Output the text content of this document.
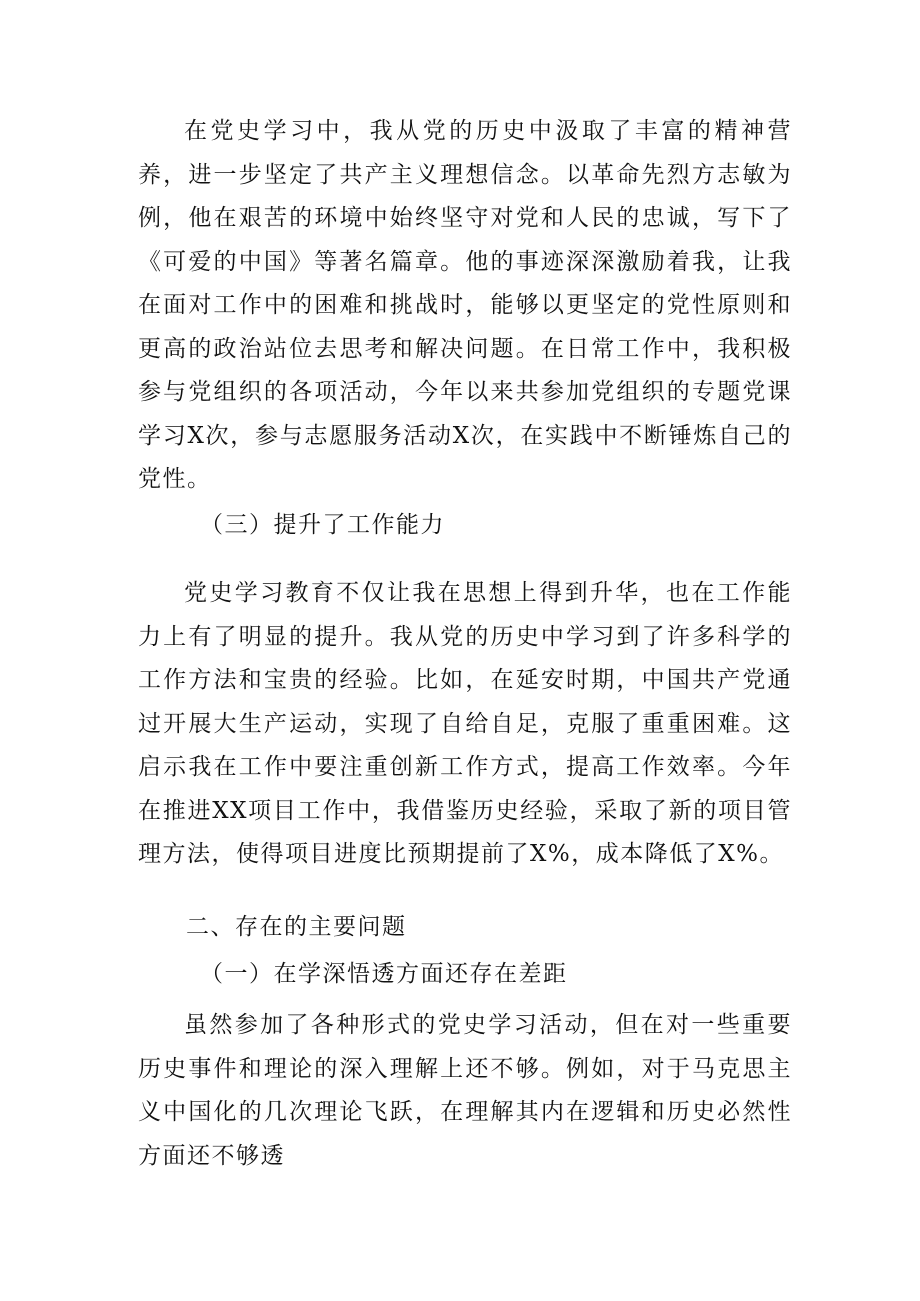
在党史学习中，我从党的历史中汲取了丰富的精神营养，进一步坚定了共产主义理想信念。以革命先烈方志敏为例，他在艰苦的环境中始终坚守对党和人民的忠诚，写下了《可爱的中国》等著名篇章。他的事迹深深激励着我，让我在面对工作中的困难和挑战时，能够以更坚定的党性原则和更高的政治站位去思考和解决问题。在日常工作中，我积极参与党组织的各项活动，今年以来共参加党组织的专题党课学习X次，参与志愿服务活动X次，在实践中不断锤炼自己的党性。

（三）提升了工作能力

党史学习教育不仅让我在思想上得到升华，也在工作能力上有了明显的提升。我从党的历史中学习到了许多科学的工作方法和宝贵的经验。比如，在延安时期，中国共产党通过开展大生产运动，实现了自给自足，克服了重重困难。这启示我在工作中要注重创新工作方式，提高工作效率。今年在推进XX项目工作中，我借鉴历史经验，采取了新的项目管理方法，使得项目进度比预期提前了X%，成本降低了X%。

二、存在的主要问题

（一）在学深悟透方面还存在差距

虽然参加了各种形式的党史学习活动，但在对一些重要历史事件和理论的深入理解上还不够。例如，对于马克思主义中国化的几次理论飞跃，在理解其内在逻辑和历史必然性方面还不够透
